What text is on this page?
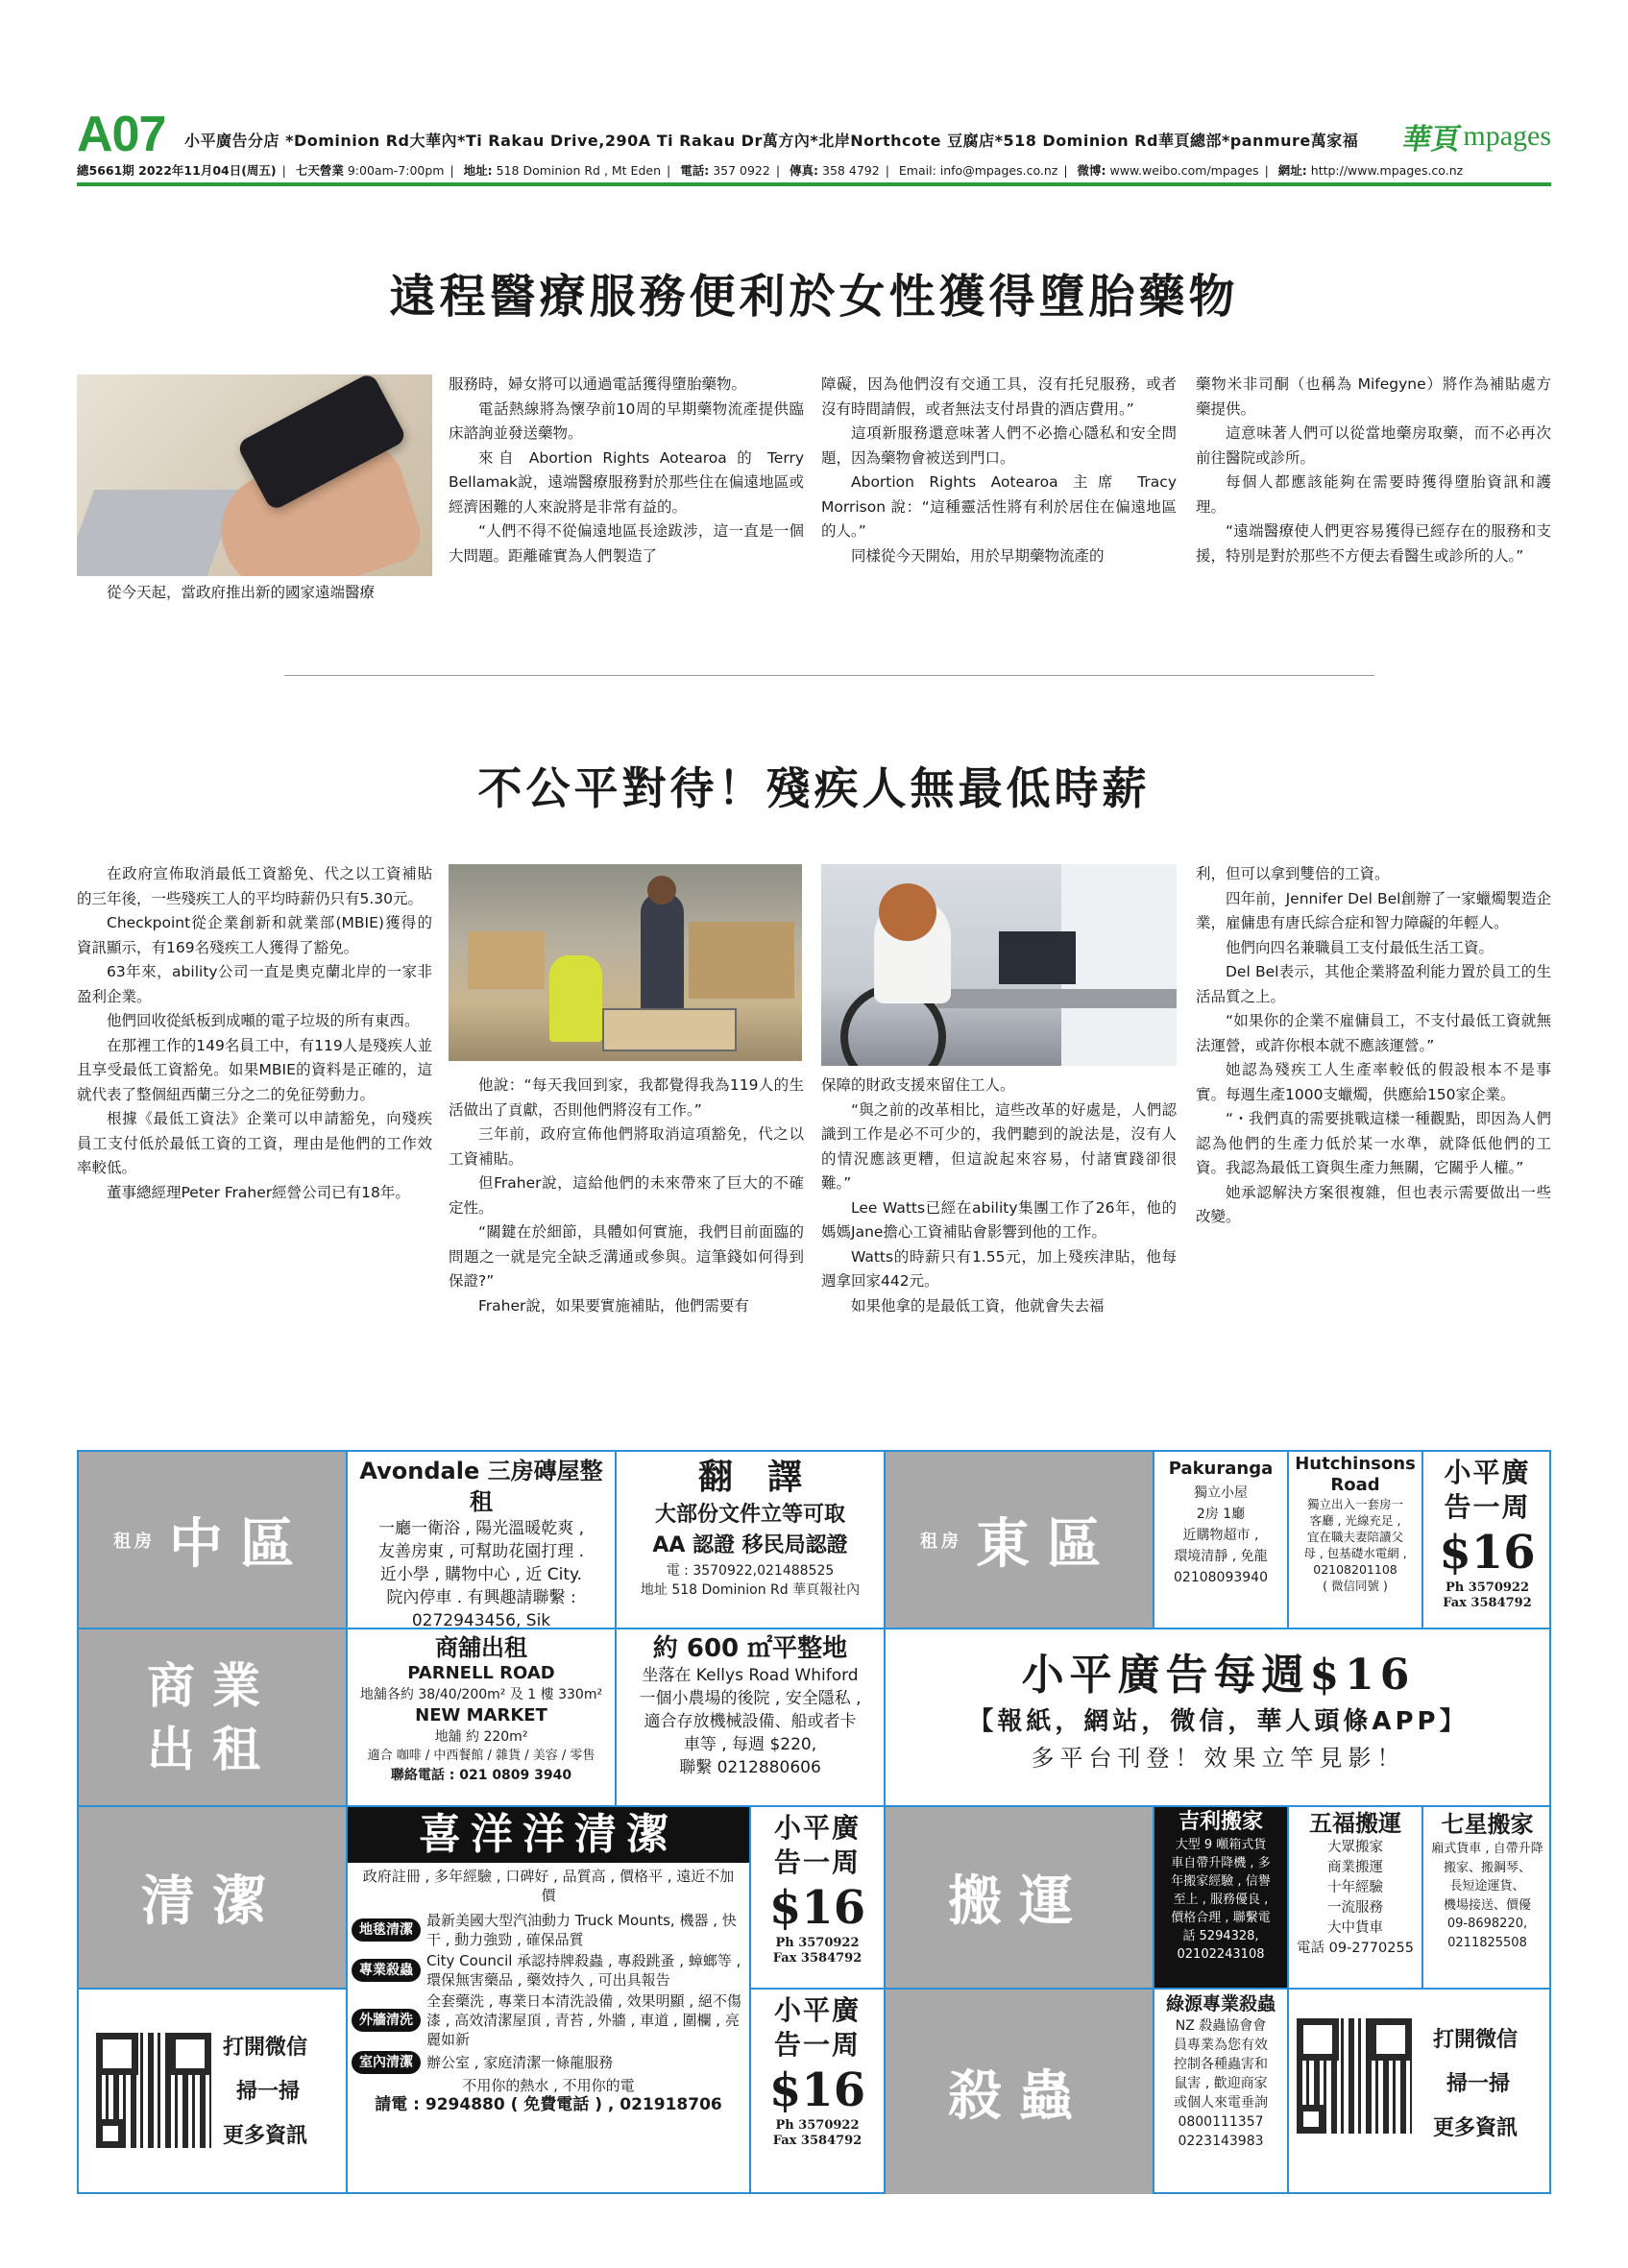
A07 小平廣告分店 *Dominion Rd大華內*Ti Rakau Drive,290A Ti Rakau Dr萬方內*北岸Northcote 豆腐店*518 Dominion Rd華頁總部*panmure萬家福 華頁 mpages
總5661期 2022年11月04日(周五) | 七天營業 9:00am-7:00pm | 地址: 518 Dominion Rd , Mt Eden | 電話: 357 0922 | 傳真: 358 4792 | Email: info@mpages.co.nz | 微博: www.weibo.com/mpages | 網址: http://www.mpages.co.nz
遠程醫療服務便利於女性獲得墮胎藥物

從今天起，當政府推出新的國家遠端醫療

服務時，婦女將可以通過電話獲得墮胎藥物。

電話熱線將為懷孕前10周的早期藥物流產提供臨床諮詢並發送藥物。

來自 Abortion Rights Aotearoa 的 Terry Bellamak說，遠端醫療服務對於那些住在偏遠地區或經濟困難的人來說將是非常有益的。

“人們不得不從偏遠地區長途跋涉，這一直是一個大問題。距離確實為人們製造了

障礙，因為他們沒有交通工具，沒有托兒服務，或者沒有時間請假，或者無法支付昂貴的酒店費用。”

這項新服務還意味著人們不必擔心隱私和安全問題，因為藥物會被送到門口。

Abortion Rights Aotearoa 主席 Tracy Morrison 說：“這種靈活性將有利於居住在偏遠地區的人。”

同樣從今天開始，用於早期藥物流產的

藥物米非司酮（也稱為 Mifegyne）將作為補貼處方藥提供。

這意味著人們可以從當地藥房取藥，而不必再次前往醫院或診所。

每個人都應該能夠在需要時獲得墮胎資訊和護理。

“遠端醫療使人們更容易獲得已經存在的服務和支援，特別是對於那些不方便去看醫生或診所的人。”

不公平對待！殘疾人無最低時薪

在政府宣佈取消最低工資豁免、代之以工資補貼的三年後，一些殘疾工人的平均時薪仍只有5.30元。

Checkpoint從企業創新和就業部(MBIE)獲得的資訊顯示，有169名殘疾工人獲得了豁免。

63年來，ability公司一直是奧克蘭北岸的一家非盈利企業。

他們回收從紙板到成噸的電子垃圾的所有東西。

在那裡工作的149名員工中，有119人是殘疾人並且享受最低工資豁免。如果MBIE的資料是正確的，這就代表了整個紐西蘭三分之二的免征勞動力。

根據《最低工資法》企業可以申請豁免，向殘疾員工支付低於最低工資的工資，理由是他們的工作效率較低。

董事總經理Peter Fraher經營公司已有18年。

他說：“每天我回到家，我都覺得我為119人的生活做出了貢獻，否則他們將沒有工作。”

三年前，政府宣佈他們將取消這項豁免，代之以工資補貼。

但Fraher說，這給他們的未來帶來了巨大的不確定性。

“關鍵在於細節，具體如何實施，我們目前面臨的問題之一就是完全缺乏溝通或參與。這筆錢如何得到保證?”

Fraher說，如果要實施補貼，他們需要有

保障的財政支援來留住工人。

“與之前的改革相比，這些改革的好處是，人們認識到工作是必不可少的，我們聽到的說法是，沒有人的情況應該更糟，但這說起來容易，付諸實踐卻很難。”

Lee Watts已經在ability集團工作了26年，他的媽媽Jane擔心工資補貼會影響到他的工作。

Watts的時薪只有1.55元，加上殘疾津貼，他每週拿回家442元。

如果他拿的是最低工資，他就會失去福

利，但可以拿到雙倍的工資。

四年前，Jennifer Del Bel創辦了一家蠟燭製造企業，雇傭患有唐氏綜合症和智力障礙的年輕人。

他們向四名兼職員工支付最低生活工資。

Del Bel表示，其他企業將盈利能力置於員工的生活品質之上。

“如果你的企業不雇傭員工，不支付最低工資就無法運營，或許你根本就不應該運營。”

她認為殘疾工人生產率較低的假設根本不是事實。每週生產1000支蠟燭，供應給150家企業。

“・我們真的需要挑戰這樣一種觀點，即因為人們認為他們的生產力低於某一水準，就降低他們的工資。我認為最低工資與生產力無關，它關乎人權。”

她承認解決方案很複雜，但也表示需要做出一些改變。

租房 中區
Avondale 三房磚屋整租
一廳一衛浴 , 陽光溫暖乾爽 ,
友善房東 , 可幫助花園打理 .
近小學 , 購物中心 , 近 City.
院內停車 . 有興趣請聯繫 :
0272943456, Sik
翻　譯
大部份文件立等可取
AA 認證 移民局認證
電 : 3570922,021488525
地址 518 Dominion Rd 華頁報社內
租房 東區
Pakuranga
獨立小屋
2房 1廳
近購物超市 ,
環境清靜 , 免龍
02108093940
Hutchinsons Road
獨立出入一套房一
客廳 , 光線充足 ,
宜在職夫妻陪讀父
母 , 包基礎水電網 ,
02108201108
( 微信同號 )
小平廣告一周
$16
Ph 3570922
Fax 3584792
商業
出租
商舖出租
PARNELL ROAD
地舖各約 38/40/200m² 及 1 樓 330m²
NEW MARKET
地舖 約 220m²
適合 咖啡 / 中西餐館 / 雜貨 / 美容 / 零售
聯絡電話 : 021 0809 3940
約 600 ㎡平整地
坐落在 Kellys Road Whiford
一個小農場的後院 , 安全隱私 ,
適合存放機械設備、船或者卡
車等 , 每週 $220,
聯繫 0212880606
小平廣告每週$16
【報紙，網站，微信，華人頭條APP】
多平台刊登！效果立竿見影！
清潔
喜洋洋清潔
政府註冊 , 多年經驗 , 口碑好 , 品質高 , 價格平 , 遠近不加價
地毯清潔
最新美國大型汽油動力 Truck Mounts, 機器 , 快干 , 動力強勁 , 確保品質
專業殺蟲
City Council 承認持牌殺蟲 , 專殺跳蚤 , 蟑螂等 , 環保無害藥品 , 藥效持久 , 可出具報告
外牆清洗
全套藥洗 , 專業日本清洗設備 , 效果明顯 , 絕不傷漆 , 高效清潔屋頂 , 青苔 , 外牆 , 車道 , 圍欄 , 亮麗如新
室內清潔 辦公室 , 家庭清潔一條龍服務
不用你的熱水 , 不用你的電
請電 : 9294880 ( 免費電話 ) , 021918706
小平廣告一周
$16
Ph 3570922
Fax 3584792
搬運
吉利搬家
大型 9 噸箱式貨
車自帶升降機 , 多
年搬家經驗 , 信譽
至上 , 服務優良 ,
價格合理 , 聯繫電
話 5294328,
02102243108
五福搬運
大眾搬家
商業搬運
十年經驗
一流服務
大中貨車
電話 09-2770255
七星搬家
廂式貨車 , 自帶升降
搬家、搬鋼琴、
長短途運貨、
機場接送、價優
09-8698220,
0211825508
打開微信
掃一掃
更多資訊
小平廣告一周
$16
Ph 3570922
Fax 3584792
殺蟲
綠源專業殺蟲
NZ 殺蟲協會會
員專業為您有效
控制各種蟲害和
鼠害 , 歡迎商家
或個人來電垂詢
0800111357
0223143983
打開微信
掃一掃
更多資訊
